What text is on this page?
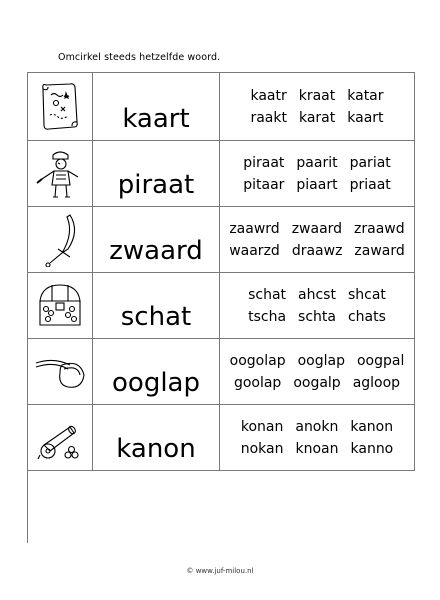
Omcirkel steeds hetzelfde woord.
kaart
kaatr kraat katar
raakt karat kaart
piraat
piraat paarit pariat
pitaar piaart priaat
zwaard
zaawrd zwaard zraawd
waarzd draawz zaward
schat
schat ahcst shcat
tscha schta chats
ooglap
oogolap ooglap oogpal
goolap oogalp agloop
kanon
konan anokn kanon
nokan knoan kanno
© www.juf-milou.nl
